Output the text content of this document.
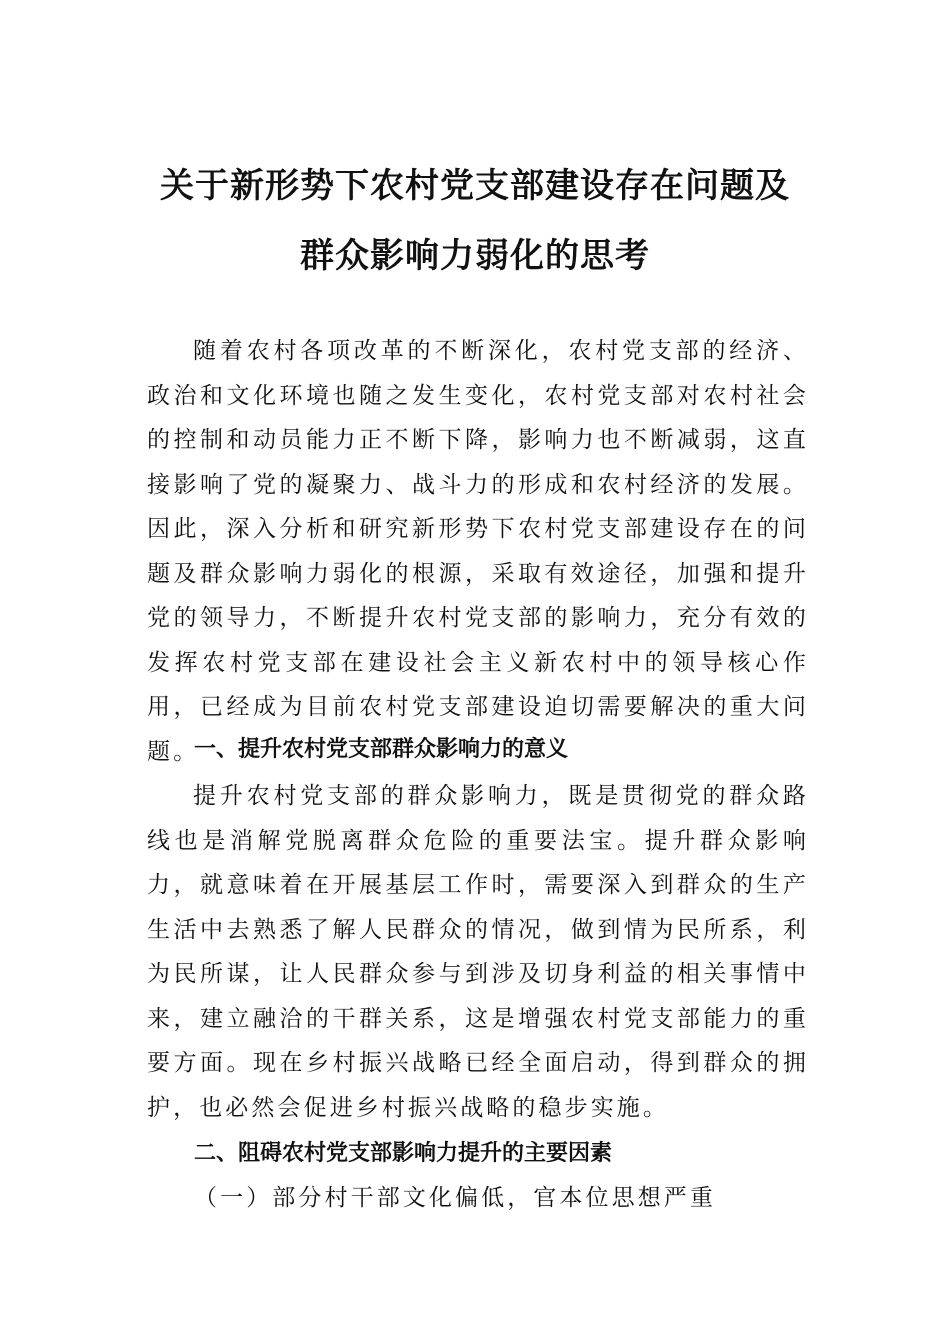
关于新形势下农村党支部建设存在问题及
群众影响力弱化的思考

随着农村各项改革的不断深化，农村党支部的经济、政治和文化环境也随之发生变化，农村党支部对农村社会的控制和动员能力正不断下降，影响力也不断减弱，这直接影响了党的凝聚力、战斗力的形成和农村经济的发展。因此，深入分析和研究新形势下农村党支部建设存在的问题及群众影响力弱化的根源，采取有效途径，加强和提升党的领导力，不断提升农村党支部的影响力，充分有效的发挥农村党支部在建设社会主义新农村中的领导核心作用，已经成为目前农村党支部建设迫切需要解决的重大问题。

一、提升农村党支部群众影响力的意义

提升农村党支部的群众影响力，既是贯彻党的群众路线也是消解党脱离群众危险的重要法宝。提升群众影响力，就意味着在开展基层工作时，需要深入到群众的生产生活中去熟悉了解人民群众的情况，做到情为民所系，利为民所谋，让人民群众参与到涉及切身利益的相关事情中来，建立融洽的干群关系，这是增强农村党支部能力的重要方面。现在乡村振兴战略已经全面启动，得到群众的拥护，也必然会促进乡村振兴战略的稳步实施。

二、阻碍农村党支部影响力提升的主要因素

（一）部分村干部文化偏低，官本位思想严重
